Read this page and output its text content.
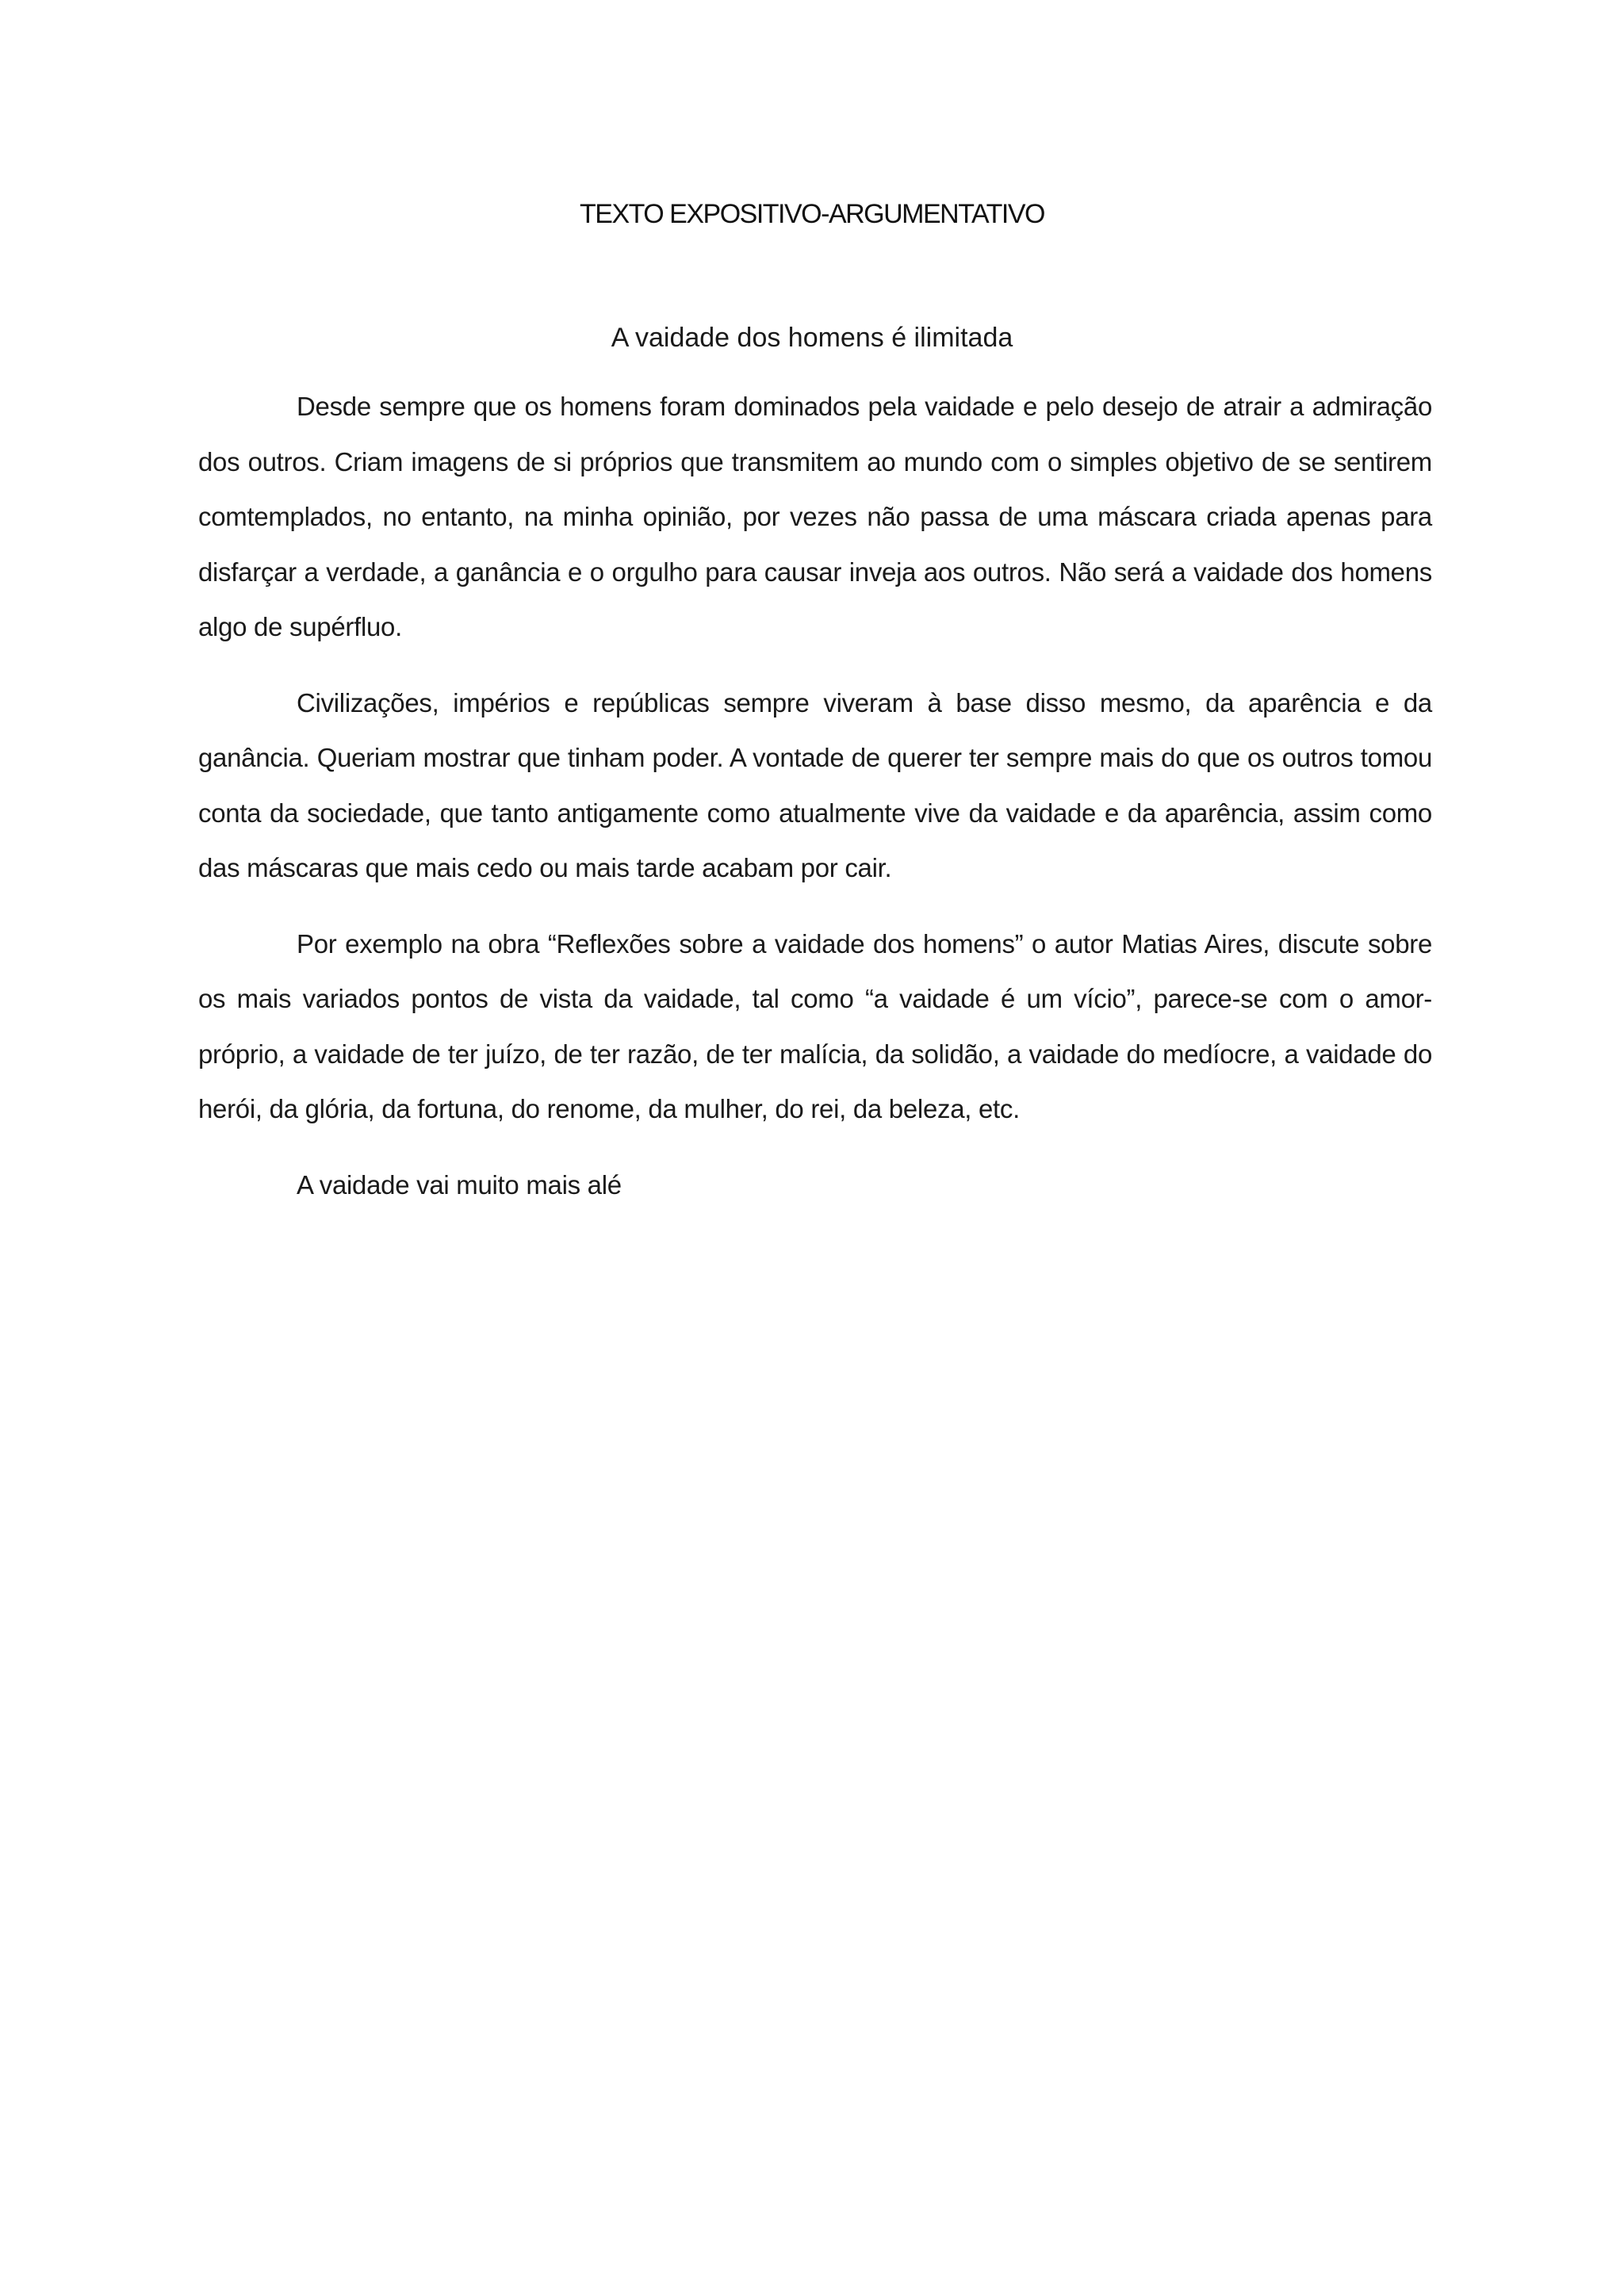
TEXTO EXPOSITIVO-ARGUMENTATIVO
A vaidade dos homens é ilimitada

Desde sempre que os homens foram dominados pela vaidade e pelo desejo de atrair a admiração dos outros. Criam imagens de si próprios que transmitem ao mundo com o simples objetivo de se sentirem comtemplados, no entanto, na minha opinião, por vezes não passa de uma máscara criada apenas para disfarçar a verdade, a ganância e o orgulho para causar inveja aos outros. Não será a vaidade dos homens algo de supérfluo.

Civilizações, impérios e repúblicas sempre viveram à base disso mesmo, da aparência e da ganância. Queriam mostrar que tinham poder. A vontade de querer ter sempre mais do que os outros tomou conta da sociedade, que tanto antigamente como atualmente vive da vaidade e da aparência, assim como das máscaras que mais cedo ou mais tarde acabam por cair.

Por exemplo na obra “Reflexões sobre a vaidade dos homens” o autor Matias Aires, discute sobre os mais variados pontos de vista da vaidade, tal como “a vaidade é um vício”, parece-se com o amor-próprio, a vaidade de ter juízo, de ter razão, de ter malícia, da solidão, a vaidade do medíocre, a vaidade do herói, da glória, da fortuna, do renome, da mulher, do rei, da beleza, etc.

A vaidade vai muito mais alé
